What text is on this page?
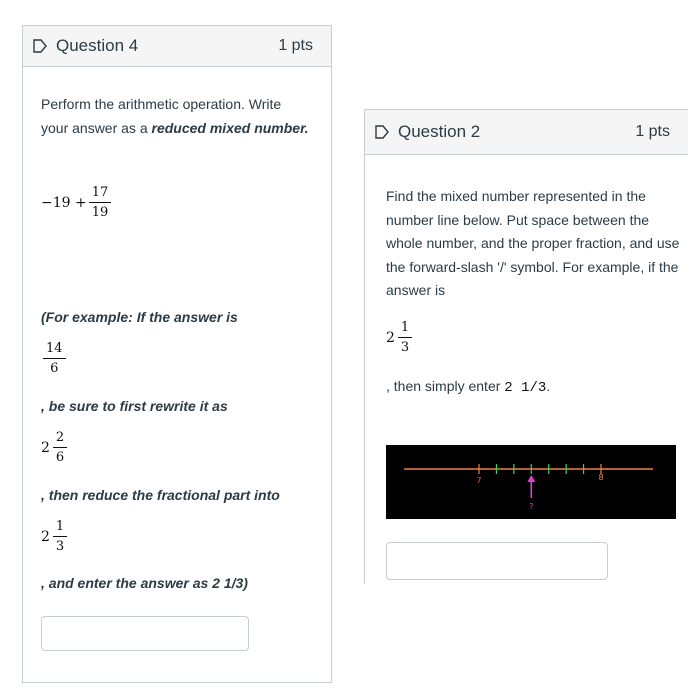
Question 4	1 pts
Perform the arithmetic operation. Write your answer as a reduced mixed number.
$-19 + \frac{17}{19}$
(For example: If the answer is
$\frac{14}{6}$
, be sure to first rewrite it as
$2 \frac{2}{6}$
, then reduce the fractional part into
$2 \frac{1}{3}$
, and enter the answer as 2 1/3)
Question 2	1 pts
Find the mixed number represented in the number line below. Put space between the whole number, and the proper fraction, and use the forward-slash '/' symbol. For example, if the answer is
$2 \frac{1}{3}$
, then simply enter 2 1/3.
7	8
?
